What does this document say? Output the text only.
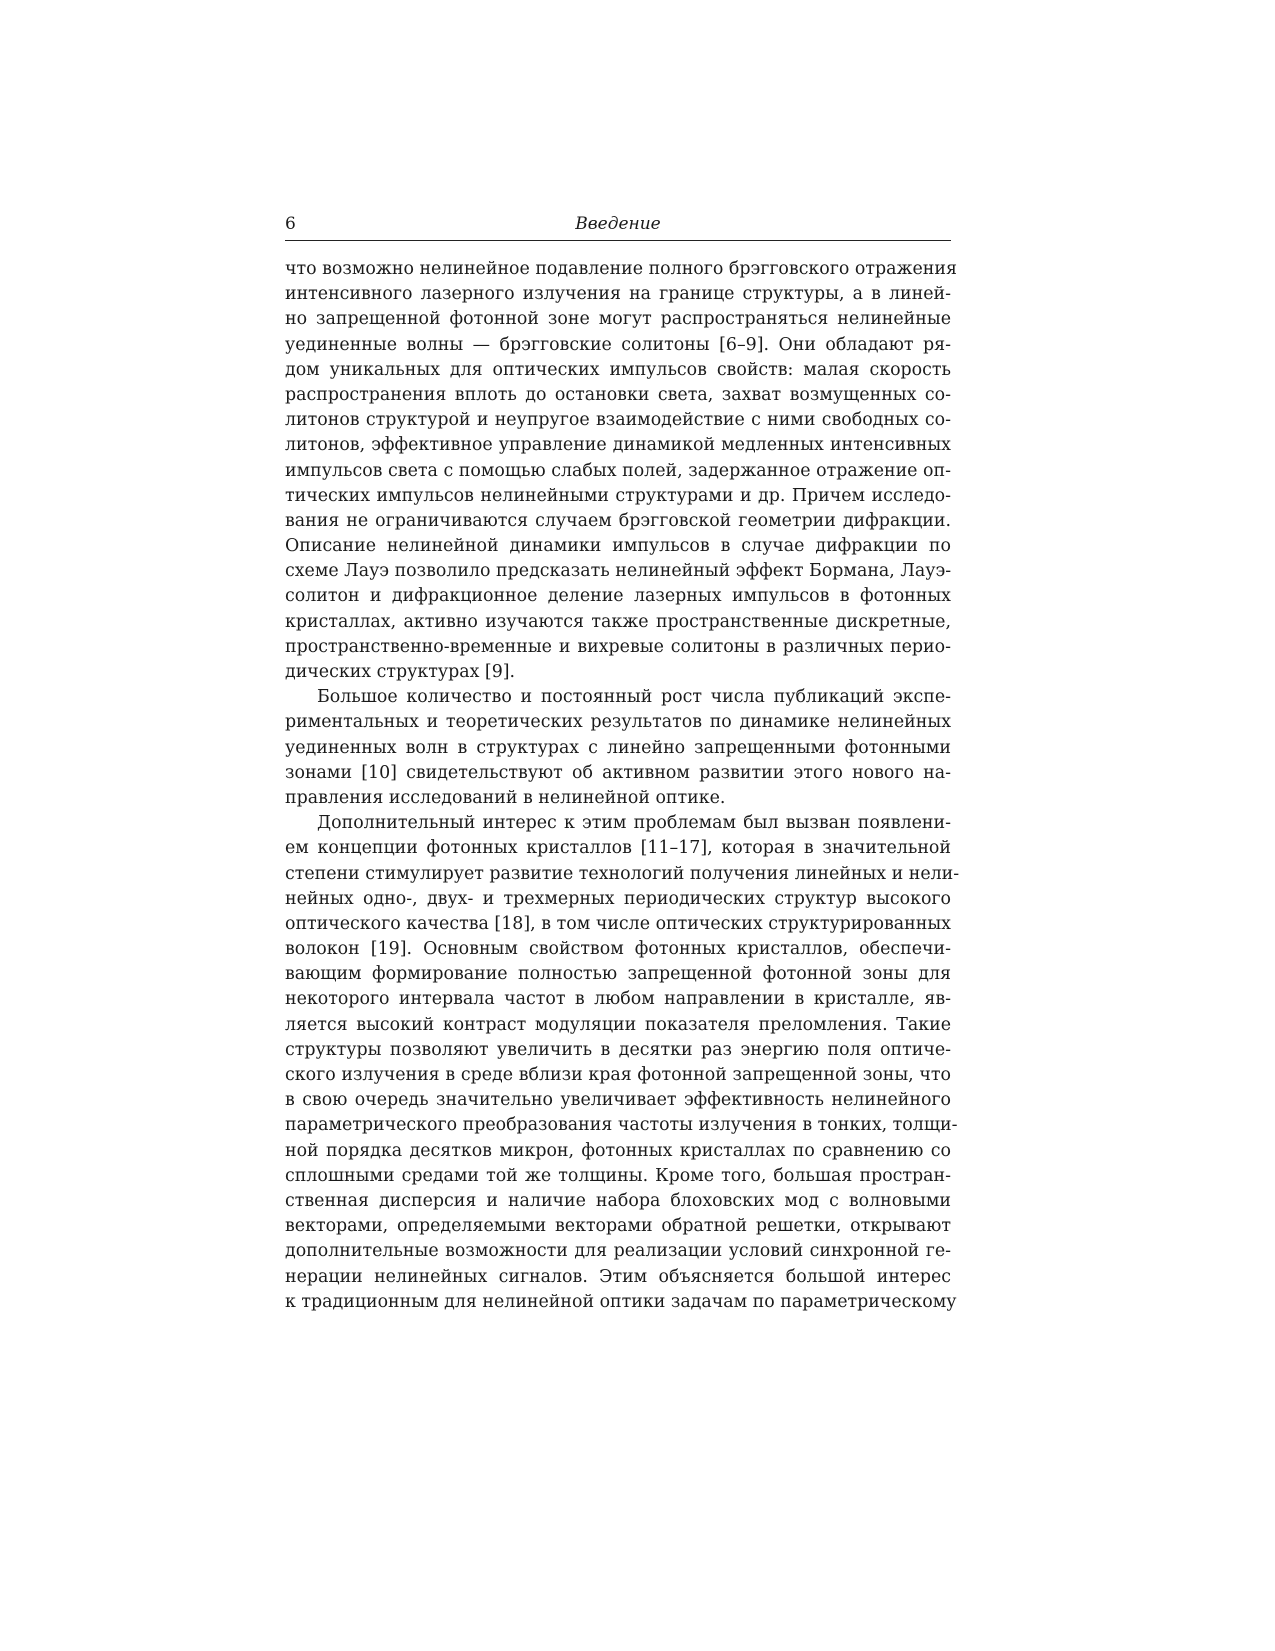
6	Введение
что возможно нелинейное подавление полного брэгговского отражения
интенсивного лазерного излучения на границе структуры, а в линей-
но запрещенной фотонной зоне могут распространяться нелинейные
уединенные волны — брэгговские солитоны [6–9]. Они обладают ря-
дом уникальных для оптических импульсов свойств: малая скорость
распространения вплоть до остановки света, захват возмущенных со-
литонов структурой и неупругое взаимодействие с ними свободных со-
литонов, эффективное управление динамикой медленных интенсивных
импульсов света с помощью слабых полей, задержанное отражение оп-
тических импульсов нелинейными структурами и др. Причем исследо-
вания не ограничиваются случаем брэгговской геометрии дифракции.
Описание нелинейной динамики импульсов в случае дифракции по
схеме Лауэ позволило предсказать нелинейный эффект Бормана, Лауэ-
солитон и дифракционное деление лазерных импульсов в фотонных
кристаллах, активно изучаются также пространственные дискретные,
пространственно-временные и вихревые солитоны в различных перио-
дических структурах [9].
Большое количество и постоянный рост числа публикаций экспе-
риментальных и теоретических результатов по динамике нелинейных
уединенных волн в структурах с линейно запрещенными фотонными
зонами [10] свидетельствуют об активном развитии этого нового на-
правления исследований в нелинейной оптике.
Дополнительный интерес к этим проблемам был вызван появлени-
ем концепции фотонных кристаллов [11–17], которая в значительной
степени стимулирует развитие технологий получения линейных и нели-
нейных одно-, двух- и трехмерных периодических структур высокого
оптического качества [18], в том числе оптических структурированных
волокон [19]. Основным свойством фотонных кристаллов, обеспечи-
вающим формирование полностью запрещенной фотонной зоны для
некоторого интервала частот в любом направлении в кристалле, яв-
ляется высокий контраст модуляции показателя преломления. Такие
структуры позволяют увеличить в десятки раз энергию поля оптиче-
ского излучения в среде вблизи края фотонной запрещенной зоны, что
в свою очередь значительно увеличивает эффективность нелинейного
параметрического преобразования частоты излучения в тонких, толщи-
ной порядка десятков микрон, фотонных кристаллах по сравнению со
сплошными средами той же толщины. Кроме того, большая простран-
ственная дисперсия и наличие набора блоховских мод с волновыми
векторами, определяемыми векторами обратной решетки, открывают
дополнительные возможности для реализации условий синхронной ге-
нерации нелинейных сигналов. Этим объясняется большой интерес
к традиционным для нелинейной оптики задачам по параметрическому
